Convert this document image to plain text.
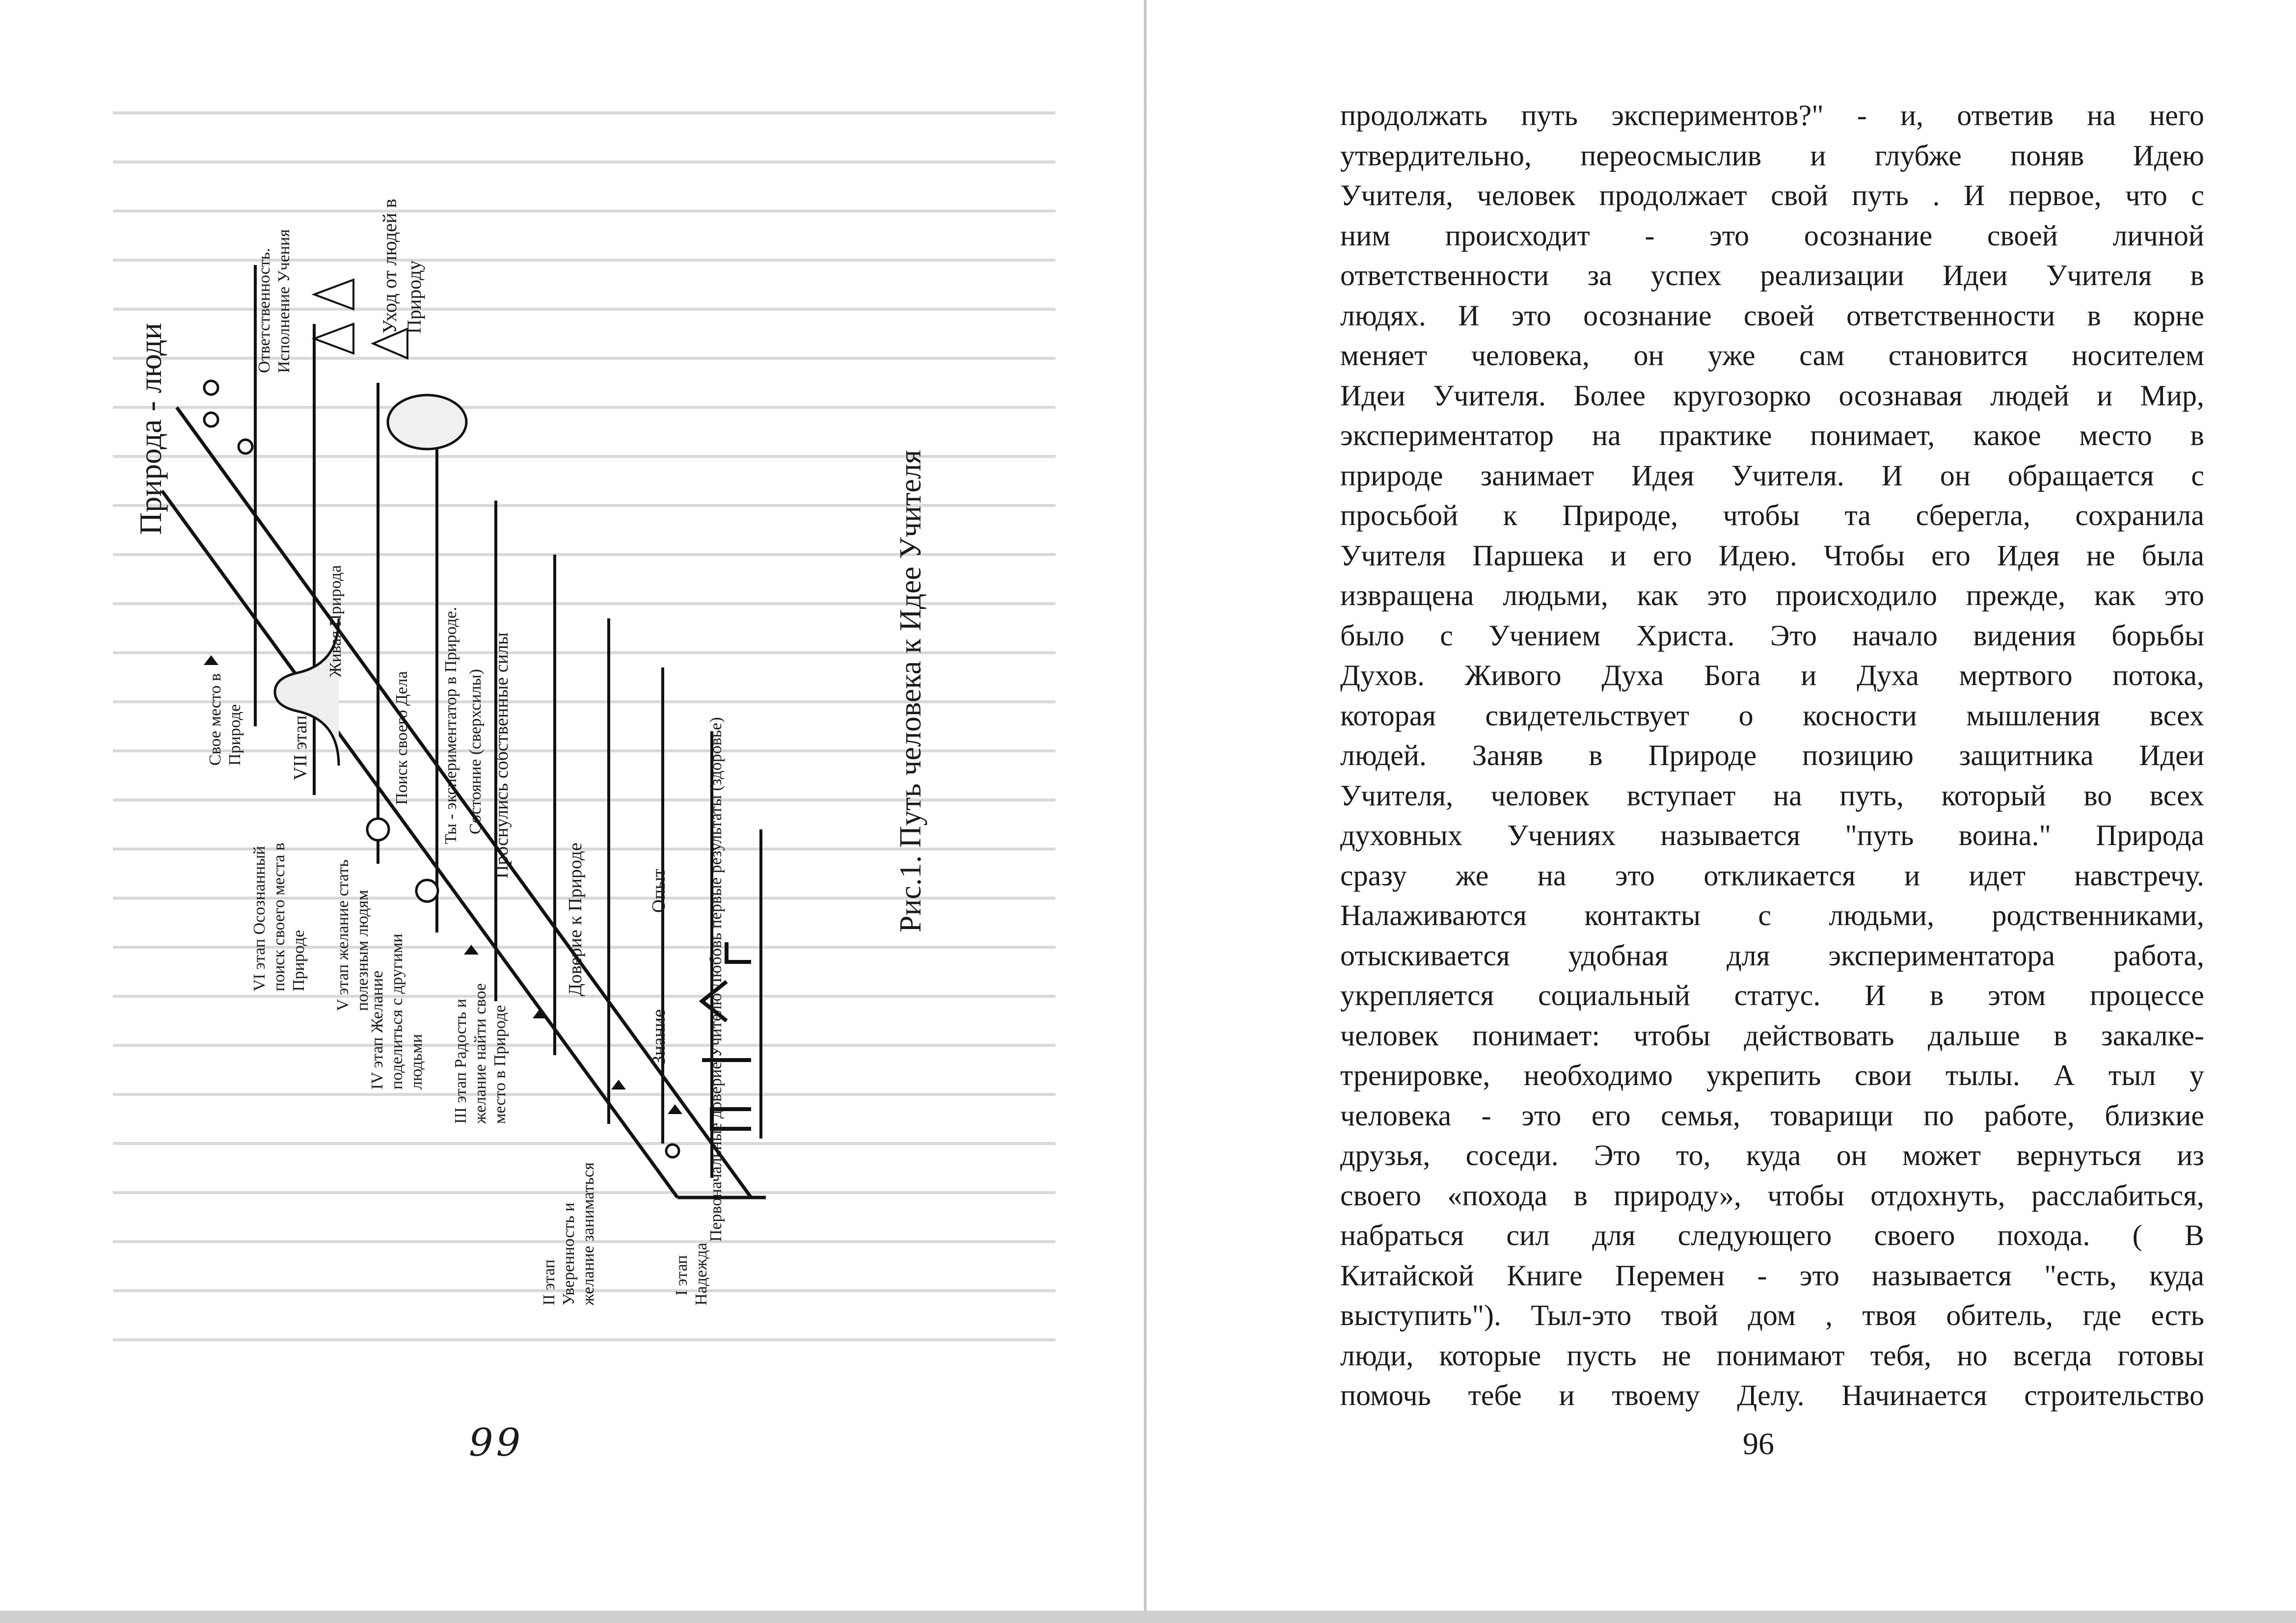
Природа - люди
Рис.1. Путь человека к Идее Учителя
Первоначальные доверие Учителю Любовь первые результаты (здоровье)
Знание
Опыт
Доверие к Природе
Проснулись собственные силы
Ты - экспериментатор в Природе. Состояние (сверхсилы)
Поиск своего Дела
Живая Природа
I этап Надежда
II этап Уверенность и желание заниматься
III этап Радость и желание найти свое место в Природе
IV этап Желание поделиться с другими людьми
V этап желание стать полезным людям
VI этап Осознанный поиск своего места в Природе
VII этап
Свое место в Природе
Ответственность. Исполнение Учения	Уход от людей в Природу
99
продолжать путь экспериментов?" - и, ответив на него
утвердительно, переосмыслив и глубже поняв Идею
Учителя, человек продолжает свой путь . И первое, что с
ним происходит - это осознание своей личной
ответственности за успех реализации Идеи Учителя в
людях. И это осознание своей ответственности в корне
меняет человека, он уже сам становится носителем
Идеи Учителя. Более кругозорко осознавая людей и Мир,
экспериментатор на практике понимает, какое место в
природе занимает Идея Учителя. И он обращается с
просьбой к Природе, чтобы та сберегла, сохранила
Учителя Паршека и его Идею. Чтобы его Идея не была
извращена людьми, как это происходило прежде, как это
было с Учением Христа. Это начало видения борьбы
Духов. Живого Духа Бога и Духа мертвого потока,
которая свидетельствует о косности мышления всех
людей. Заняв в Природе позицию защитника Идеи
Учителя, человек вступает на путь, который во всех
духовных Учениях называется "путь воина." Природа
сразу же на это откликается и идет навстречу.
Налаживаются контакты с людьми, родственниками,
отыскивается удобная для экспериментатора работа,
укрепляется социальный статус. И в этом процессе
человек понимает: чтобы действовать дальше в закалке-
тренировке, необходимо укрепить свои тылы. А тыл у
человека - это его семья, товарищи по работе, близкие
друзья, соседи. Это то, куда он может вернуться из
своего «похода в природу», чтобы отдохнуть, расслабиться,
набраться сил для следующего своего похода. ( В
Китайской Книге Перемен - это называется "есть, куда
выступить"). Тыл-это твой дом , твоя обитель, где есть
люди, которые пусть не понимают тебя, но всегда готовы
помочь тебе и твоему Делу. Начинается строительство
96
